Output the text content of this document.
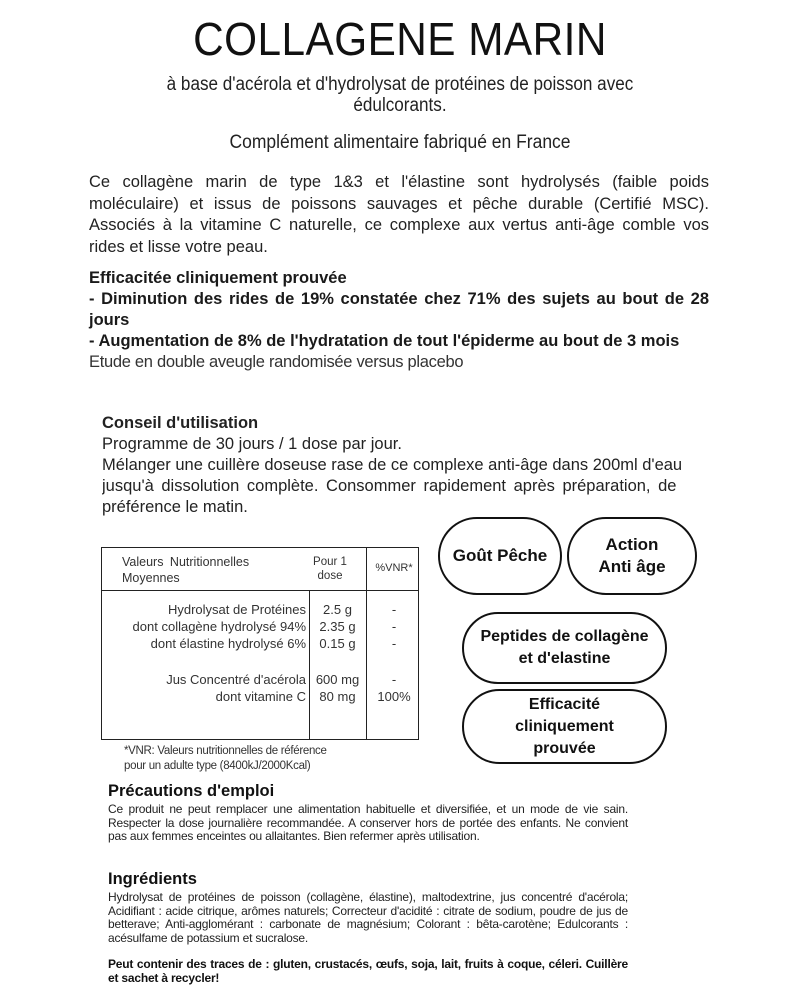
COLLAGENE MARIN
à base d'acérola et d'hydrolysat de protéines de poisson avec édulcorants.
Complément alimentaire fabriqué en France
Ce collagène marin de type 1&3 et l'élastine sont hydrolysés (faible poids moléculaire) et issus de poissons sauvages et pêche durable (Certifié MSC). Associés à la vitamine C naturelle, ce complexe aux vertus anti-âge comble vos rides et lisse votre peau.
Efficacitée cliniquement prouvée
- Diminution des rides de 19% constatée chez 71% des sujets au bout de 28 jours
- Augmentation de 8% de l'hydratation de tout l'épiderme au bout de 3 mois
Etude en double aveugle randomisée versus placebo
Conseil d'utilisation
Programme de 30 jours / 1 dose par jour.
Mélanger une cuillère doseuse rase de ce complexe anti-âge dans 200ml d'eau
jusqu'à dissolution complète. Consommer rapidement après préparation, de
préférence le matin.
Valeurs Nutritionnelles
Moyennes
Pour 1
dose
%VNR*
Hydrolysat de Protéines	2.5 g	-
dont collagène hydrolysé 94%	2.35 g	-
dont élastine hydrolysé 6%	0.15 g	-
Jus Concentré d'acérola 600 mg	-
dont vitamine C	80 mg	100%
*VNR: Valeurs nutritionnelles de référence
pour un adulte type (8400kJ/2000Kcal)
Goût Pêche
Action
Anti âge
Peptides de collagène
et d'elastine
Efficacité
cliniquement
prouvée
Précautions d'emploi
Ce produit ne peut remplacer une alimentation habituelle et diversifiée, et un mode de vie sain. Respecter la dose journalière recommandée. A conserver hors de portée des enfants. Ne convient pas aux femmes enceintes ou allaitantes. Bien refermer après utilisation.
Ingrédients
Hydrolysat de protéines de poisson (collagène, élastine), maltodextrine, jus concentré d'acérola; Acidifiant : acide citrique, arômes naturels; Correcteur d'acidité : citrate de sodium, poudre de jus de betterave; Anti-agglomérant : carbonate de magnésium; Colorant : bêta-carotène; Edulcorants : acésulfame de potassium et sucralose.
Peut contenir des traces de : gluten, crustacés, œufs, soja, lait, fruits à coque, céleri. Cuillère et sachet à recycler!
